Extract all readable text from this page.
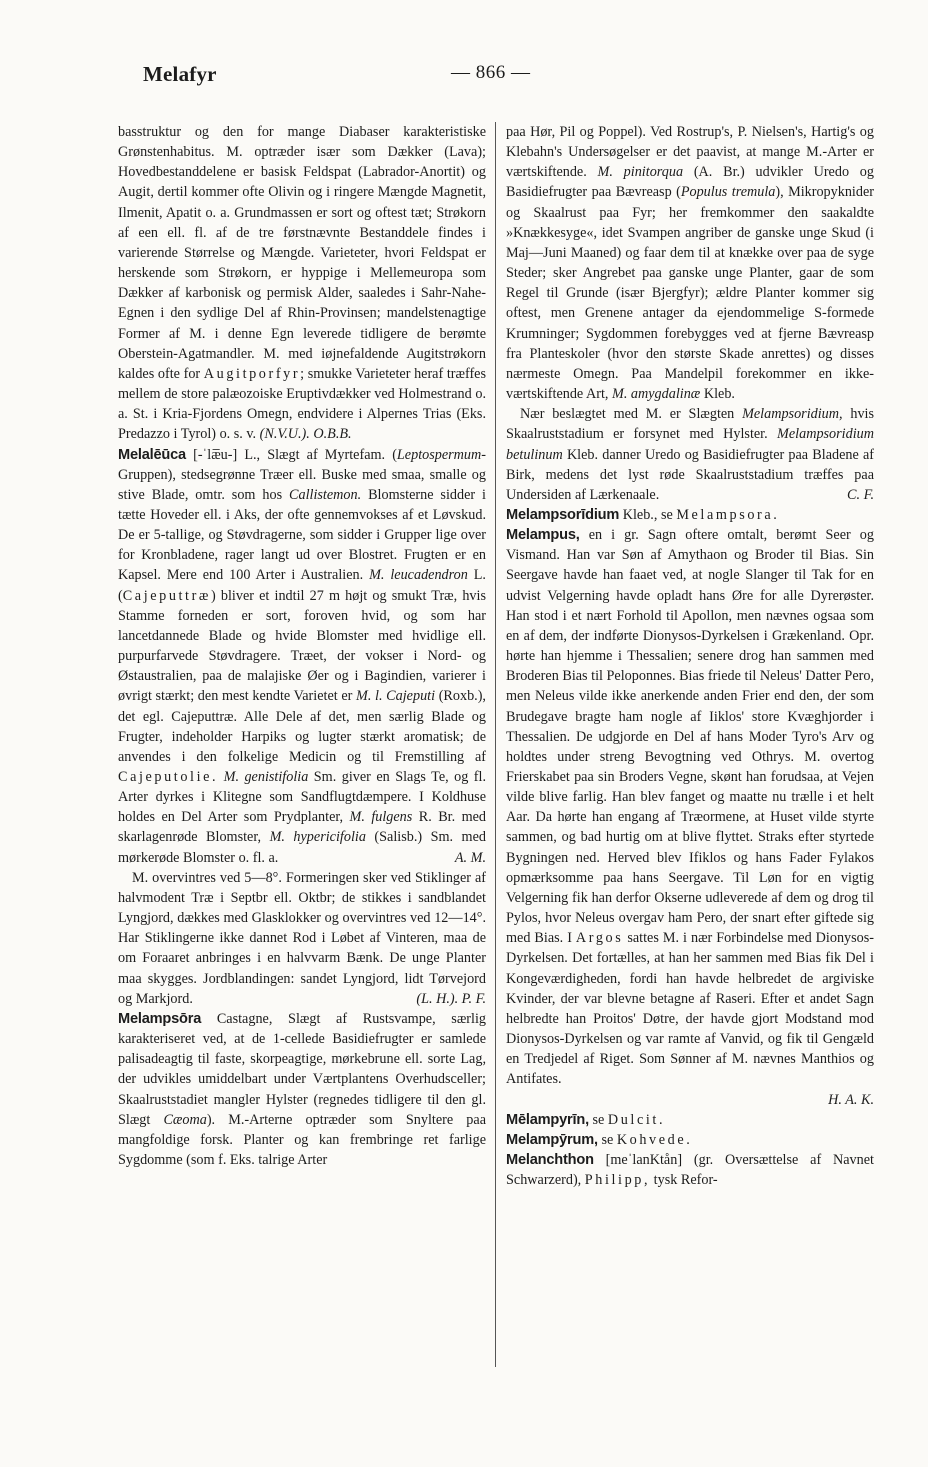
Melafyr	— 866 —

basstruktur og den for mange Diabaser karakteristiske Grønstenhabitus. M. optræder især som Dækker (Lava); Hovedbestanddelene er basisk Feldspat (Labrador-Anortit) og Augit, dertil kommer ofte Olivin og i ringere Mængde Magnetit, Ilmenit, Apatit o. a. Grundmassen er sort og oftest tæt; Strøkorn af een ell. fl. af de tre førstnævnte Bestanddele findes i varierende Størrelse og Mængde. Varieteter, hvori Feldspat er herskende som Strøkorn, er hyppige i Mellemeuropa som Dækker af karbonisk og permisk Alder, saaledes i Sahr-Nahe-Egnen i den sydlige Del af Rhin-Provinsen; mandelstenagtige Former af M. i denne Egn leverede tidligere de berømte Oberstein-Agatmandler. M. med iøjnefaldende Augitstrøkorn kaldes ofte for Augitporfyr; smukke Varieteter heraf træffes mellem de store palæozoiske Eruptivdækker ved Holmestrand o. a. St. i Kria-Fjordens Omegn, endvidere i Alpernes Trias (Eks. Predazzo i Tyrol) o. s. v. (N.V.U.). O.B.B.

Melalēūca [-ˈlæ̅u-] L., Slægt af Myrtefam. (Leptospermum-Gruppen), stedsegrønne Træer ell. Buske med smaa, smalle og stive Blade, omtr. som hos Callistemon. Blomsterne sidder i tætte Hoveder ell. i Aks, der ofte gennemvokses af et Løvskud. De er 5-tallige, og Støvdragerne, som sidder i Grupper lige over for Kronbladene, rager langt ud over Blostret. Frugten er en Kapsel. Mere end 100 Arter i Australien. M. leucadendron L. (Cajeputtræ) bliver et indtil 27 m højt og smukt Træ, hvis Stamme forneden er sort, foroven hvid, og som har lancetdannede Blade og hvide Blomster med hvidlige ell. purpurfarvede Støvdragere. Træet, der vokser i Nord- og Østaustralien, paa de malajiske Øer og i Bagindien, varierer i øvrigt stærkt; den mest kendte Varietet er M. l. Cajeputi (Roxb.), det egl. Cajeputtræ. Alle Dele af det, men særlig Blade og Frugter, indeholder Harpiks og lugter stærkt aromatisk; de anvendes i den folkelige Medicin og til Fremstilling af Cajeputolie. M. genistifolia Sm. giver en Slags Te, og fl. Arter dyrkes i Klitegne som Sandflugtdæmpere. I Koldhuse holdes en Del Arter som Prydplanter, M. fulgens R. Br. med skarlagenrøde Blomster, M. hypericifolia (Salisb.) Sm. med mørkerøde Blomster o. fl. a.	A. M.

M. overvintres ved 5—8°. Formeringen sker ved Stiklinger af halvmodent Træ i Septbr ell. Oktbr; de stikkes i sandblandet Lyngjord, dækkes med Glasklokker og overvintres ved 12—14°. Har Stiklingerne ikke dannet Rod i Løbet af Vinteren, maa de om Foraaret anbringes i en halvvarm Bænk. De unge Planter maa skygges. Jordblandingen: sandet Lyngjord, lidt Tørvejord og Markjord.	(L. H.). P. F.

Melampsōra Castagne, Slægt af Rustsvampe, særlig karakteriseret ved, at de 1-cellede Basidiefrugter er samlede palisadeagtig til faste, skorpeagtige, mørkebrune ell. sorte Lag, der udvikles umiddelbart under Værtplantens Overhudsceller; Skaalruststadiet mangler Hylster (regnedes tidligere til den gl. Slægt Cæoma). M.-Arterne optræder som Snyltere paa mangfoldige forsk. Planter og kan frembringe ret farlige Sygdomme (som f. Eks. talrige Arter

paa Hør, Pil og Poppel). Ved Rostrup's, P. Nielsen's, Hartig's og Klebahn's Undersøgelser er det paavist, at mange M.-Arter er værtskiftende. M. pinitorqua (A. Br.) udvikler Uredo og Basidiefrugter paa Bævreasp (Populus tremula), Mikropyknider og Skaalrust paa Fyr; her fremkommer den saakaldte »Knækkesyge«, idet Svampen angriber de ganske unge Skud (i Maj—Juni Maaned) og faar dem til at knække over paa de syge Steder; sker Angrebet paa ganske unge Planter, gaar de som Regel til Grunde (især Bjergfyr); ældre Planter kommer sig oftest, men Grenene antager da ejendommelige S-formede Krumninger; Sygdommen forebygges ved at fjerne Bævreasp fra Planteskoler (hvor den største Skade anrettes) og disses nærmeste Omegn. Paa Mandelpil forekommer en ikke-værtskiftende Art, M. amygdalinæ Kleb.

Nær beslægtet med M. er Slægten Melampsoridium, hvis Skaalruststadium er forsynet med Hylster. Melampsoridium betulinum Kleb. danner Uredo og Basidiefrugter paa Bladene af Birk, medens det lyst røde Skaalruststadium træffes paa Undersiden af Lærkenaale.	C. F.

Melampsorīdium Kleb., se Melampsora.

Melampus, en i gr. Sagn oftere omtalt, berømt Seer og Vismand. Han var Søn af Amythaon og Broder til Bias. Sin Seergave havde han faaet ved, at nogle Slanger til Tak for en udvist Velgerning havde opladt hans Øre for alle Dyrerøster. Han stod i et nært Forhold til Apollon, men nævnes ogsaa som en af dem, der indførte Dionysos-Dyrkelsen i Grækenland. Opr. hørte han hjemme i Thessalien; senere drog han sammen med Broderen Bias til Peloponnes. Bias friede til Neleus' Datter Pero, men Neleus vilde ikke anerkende anden Frier end den, der som Brudegave bragte ham nogle af Iiklos' store Kvæghjorder i Thessalien. De udgjorde en Del af hans Moder Tyro's Arv og holdtes under streng Bevogtning ved Othrys. M. overtog Frierskabet paa sin Broders Vegne, skønt han forudsaa, at Vejen vilde blive farlig. Han blev fanget og maatte nu trælle i et helt Aar. Da hørte han engang af Træormene, at Huset vilde styrte sammen, og bad hurtig om at blive flyttet. Straks efter styrtede Bygningen ned. Herved blev Ifiklos og hans Fader Fylakos opmærksomme paa hans Seergave. Til Løn for en vigtig Velgerning fik han derfor Okserne udleverede af dem og drog til Pylos, hvor Neleus overgav ham Pero, der snart efter giftede sig med Bias. I Argos sattes M. i nær Forbindelse med Dionysos-Dyrkelsen. Det fortælles, at han her sammen med Bias fik Del i Kongeværdigheden, fordi han havde helbredet de argiviske Kvinder, der var blevne betagne af Raseri. Efter et andet Sagn helbredte han Proitos' Døtre, der havde gjort Modstand mod Dionysos-Dyrkelsen og var ramte af Vanvid, og fik til Gengæld en Tredjedel af Riget. Som Sønner af M. nævnes Manthios og Antifates.

H. A. K.

Mēlampyrīn, se Dulcit.

Melampȳrum, se Kohvede.

Melanchthon [meˈlanKtån] (gr. Oversættelse af Navnet Schwarzerd), Philipp, tysk Refor-
